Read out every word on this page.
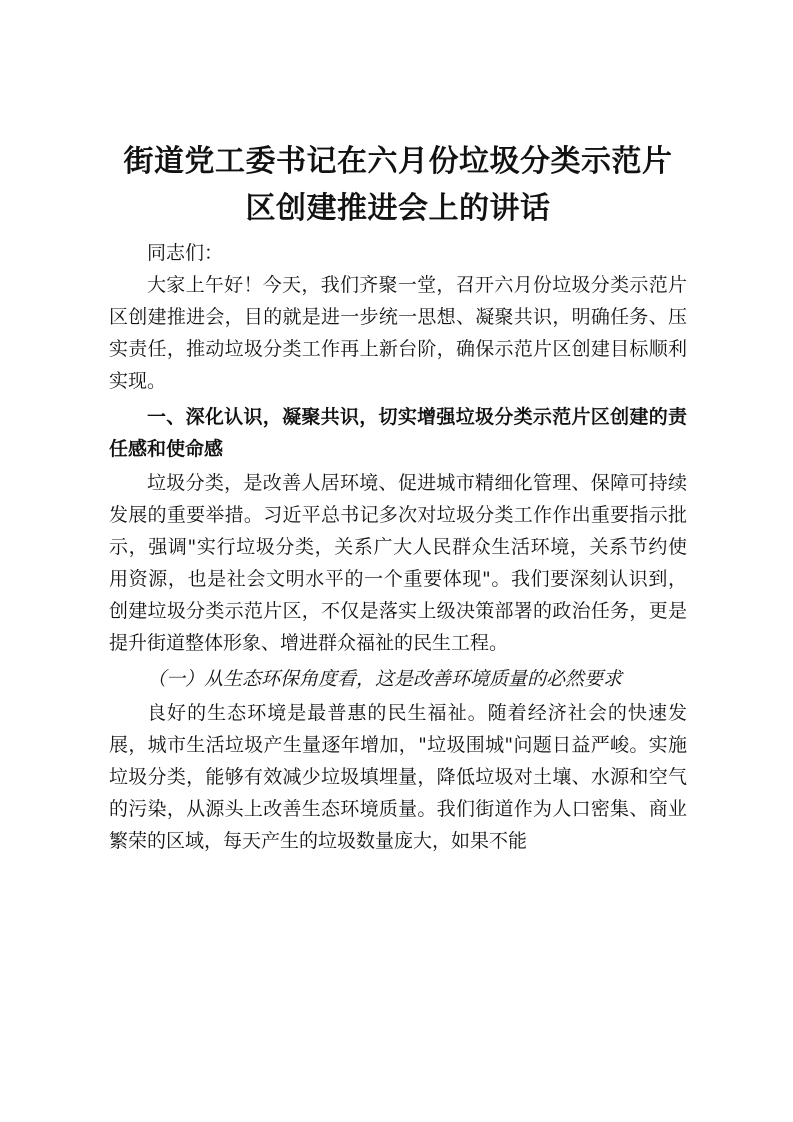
街道党工委书记在六月份垃圾分类示范片区创建推进会上的讲话

同志们：

大家上午好！今天，我们齐聚一堂，召开六月份垃圾分类示范片区创建推进会，目的就是进一步统一思想、凝聚共识，明确任务、压实责任，推动垃圾分类工作再上新台阶，确保示范片区创建目标顺利实现。

一、深化认识，凝聚共识，切实增强垃圾分类示范片区创建的责任感和使命感

垃圾分类，是改善人居环境、促进城市精细化管理、保障可持续发展的重要举措。习近平总书记多次对垃圾分类工作作出重要指示批示，强调"实行垃圾分类，关系广大人民群众生活环境，关系节约使用资源，也是社会文明水平的一个重要体现"。我们要深刻认识到，创建垃圾分类示范片区，不仅是落实上级决策部署的政治任务，更是提升街道整体形象、增进群众福祉的民生工程。

（一）从生态环保角度看，这是改善环境质量的必然要求

良好的生态环境是最普惠的民生福祉。随着经济社会的快速发展，城市生活垃圾产生量逐年增加，"垃圾围城"问题日益严峻。实施垃圾分类，能够有效减少垃圾填埋量，降低垃圾对土壤、水源和空气的污染，从源头上改善生态环境质量。我们街道作为人口密集、商业繁荣的区域，每天产生的垃圾数量庞大，如果不能
